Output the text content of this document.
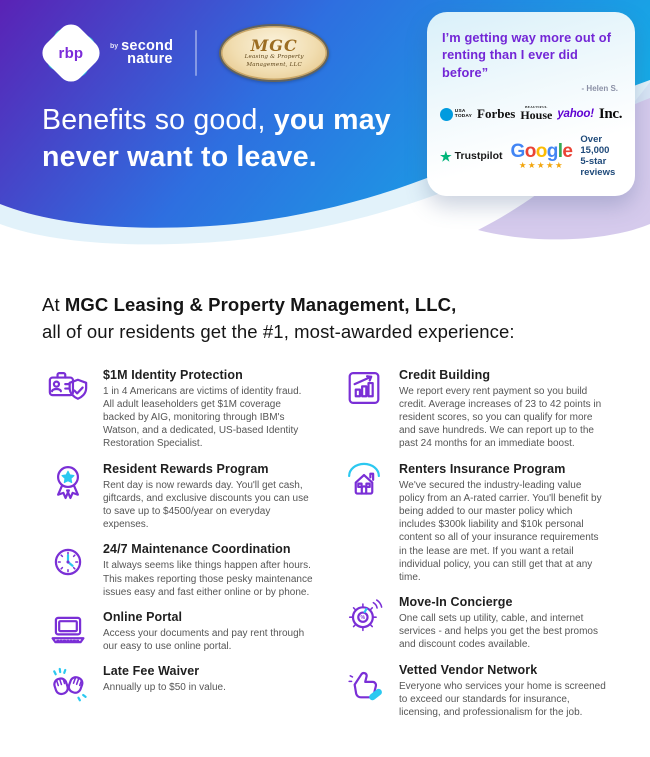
rbp	by second
nature
MGC
Leasing & Property
Management, LLC
Benefits so good, you may
never want to leave.

I’m getting way more out of renting than I ever did before”

- Helen S.

USA
TODAY Forbes	BEAUTIFUL
House yahoo! Inc.
★ Trustpilot Google
★★★★★
Over 15,000
5-star reviews
At MGC Leasing & Property Management, LLC,
all of our residents get the #1, most-awarded experience:
$1M Identity Protection

1 in 4 Americans are victims of identity fraud. All adult leaseholders get $1M coverage backed by AIG, monitoring through IBM's Watson, and a dedicated, US-based Identity Restoration Specialist.

Resident Rewards Program

Rent day is now rewards day. You'll get cash, giftcards, and exclusive discounts you can use to save up to $4500/year on everyday expenses.

24/7 Maintenance Coordination

It always seems like things happen after hours. This makes reporting those pesky maintenance issues easy and fast either online or by phone.

Online Portal

Access your documents and pay rent through our easy to use online portal.

Late Fee Waiver

Annually up to $50 in value.

Credit Building

We report every rent payment so you build credit. Average increases of 23 to 42 points in resident scores, so you can qualify for more and save hundreds. We can report up to the past 24 months for an immediate boost.

Renters Insurance Program

We've secured the industry-leading value policy from an A-rated carrier. You'll benefit by being added to our master policy which includes $300k liability and $10k personal content so all of your insurance requirements in the lease are met. If you want a retail individual policy, you can still get that at any time.

%
Move-In Concierge

One call sets up utility, cable, and internet services - and helps you get the best promos and discount codes available.

Vetted Vendor Network

Everyone who services your home is screened to exceed our standards for insurance, licensing, and professionalism for the job.
